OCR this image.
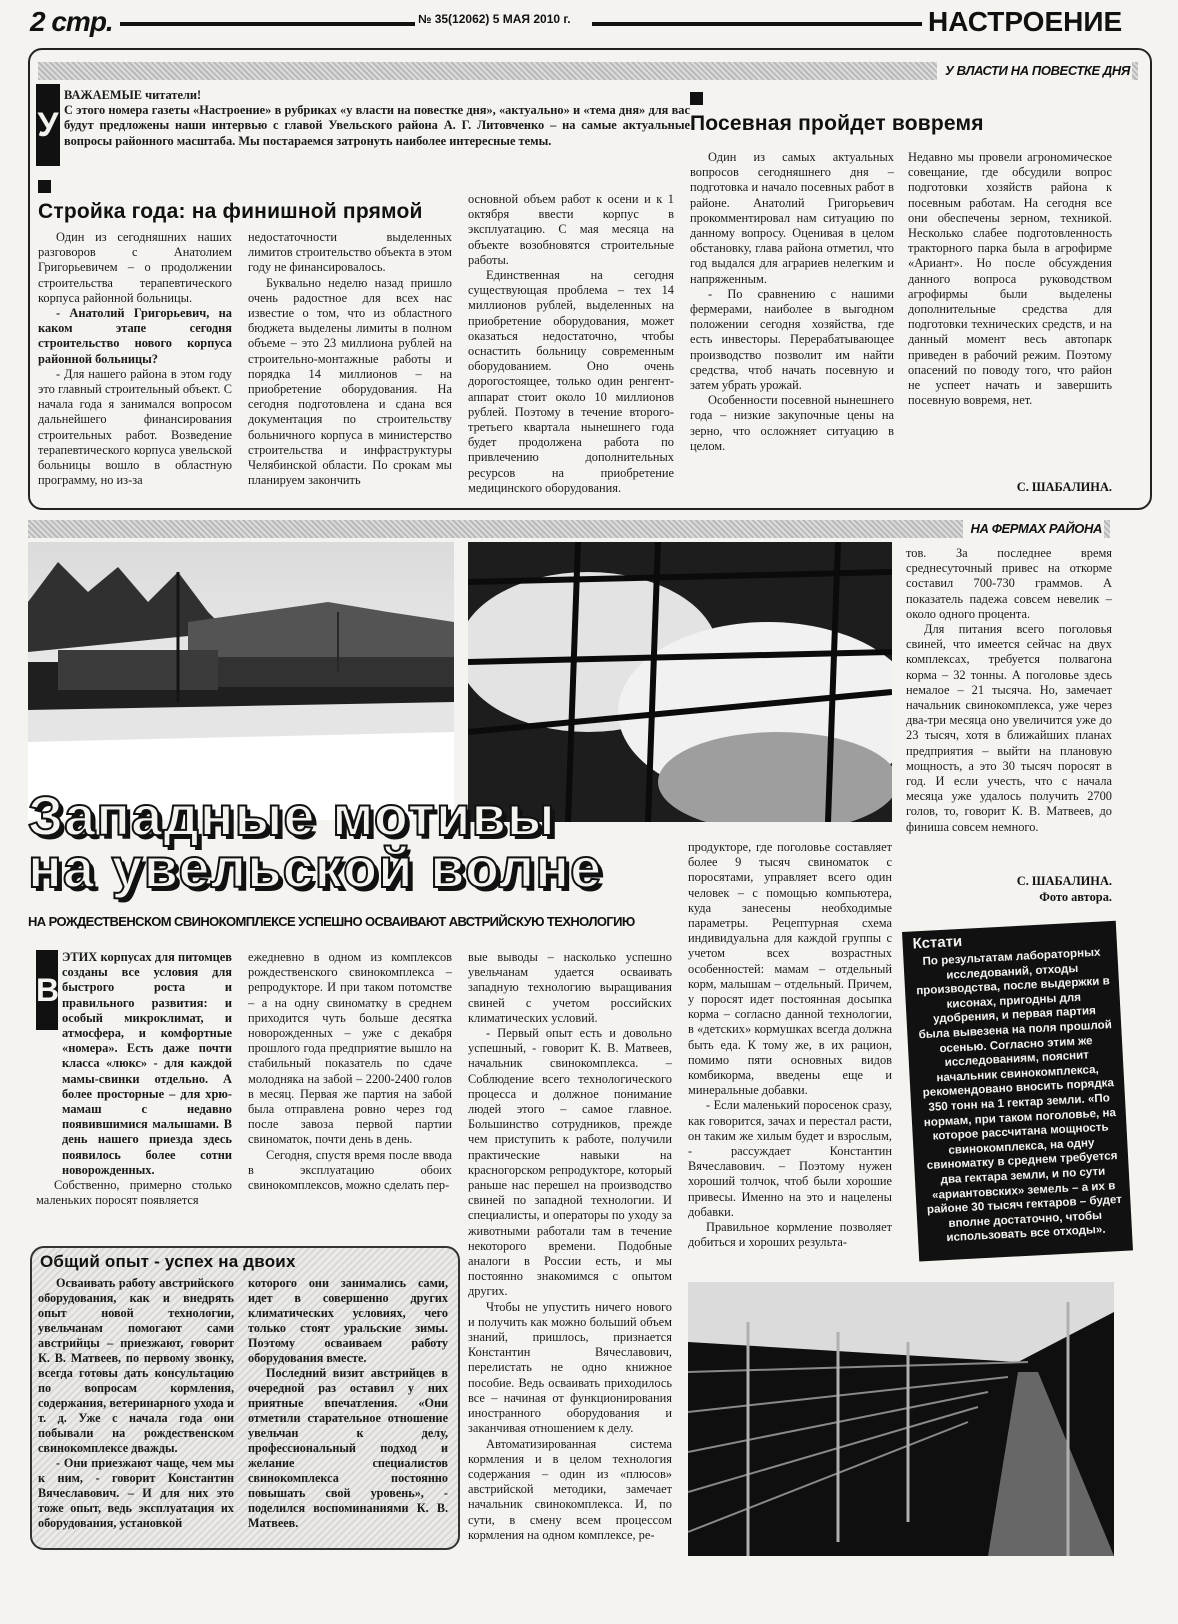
2 стр.	№ 35(12062) 5 МАЯ 2010 г.	НАСТРОЕНИЕ
У ВЛАСТИ НА ПОВЕСТКЕ ДНЯ
У

ВАЖАЕМЫЕ читатели!

С этого номера газеты «Настроение» в рубриках «у власти на повестке дня», «актуально» и «тема дня» для вас будут предложены наши интервью с главой Увельского района А. Г. Литовченко – на самые актуальные вопросы районного масштаба. Мы постараемся затронуть наиболее интересные темы.

Стройка года: на финишной прямой

Один из сегодняшних наших разговоров с Анатолием Григорьевичем – о продолжении строительства терапевтического корпуса районной больницы.

- Анатолий Григорьевич, на каком этапе сегодня строительство нового корпуса районной больницы?

- Для нашего района в этом году это главный строительный объект. С начала года я занимался вопросом дальнейшего финансирования строительных работ. Возведение терапевтического корпуса увельской больницы вошло в областную программу, но из-за

недостаточности выделенных лимитов строительство объекта в этом году не финансировалось.

Буквально неделю назад пришло очень радостное для всех нас известие о том, что из областного бюджета выделены лимиты в полном объеме – это 23 миллиона рублей на строительно-монтажные работы и порядка 14 миллионов – на приобретение оборудования. На сегодня подготовлена и сдана вся документация по строительству больничного корпуса в министерство строительства и инфраструктуры Челябинской области. По срокам мы планируем закончить

основной объем работ к осени и к 1 октября ввести корпус в эксплуатацию. С мая месяца на объекте возобновятся строительные работы.

Единственная на сегодня существующая проблема – тех 14 миллионов рублей, выделенных на приобретение оборудования, может оказаться недостаточно, чтобы оснастить больницу современным оборудованием. Оно очень дорогостоящее, только один ренгент-аппарат стоит около 10 миллионов рублей. Поэтому в течение второго-третьего квартала нынешнего года будет продолжена работа по привлечению дополнительных ресурсов на приобретение медицинского оборудования.

Посевная пройдет вовремя

Один из самых актуальных вопросов сегодняшнего дня – подготовка и начало посевных работ в районе. Анатолий Григорьевич прокомментировал нам ситуацию по данному вопросу. Оценивая в целом обстановку, глава района отметил, что год выдался для аграриев нелегким и напряженным.

- По сравнению с нашими фермерами, наиболее в выгодном положении сегодня хозяйства, где есть инвесторы. Перерабатывающее производство позволит им найти средства, чтоб начать посевную и затем убрать урожай.

Особенности посевной нынешнего года – низкие закупочные цены на зерно, что осложняет ситуацию в целом.

Недавно мы провели агрономическое совещание, где обсудили вопрос подготовки хозяйств района к посевным работам. На сегодня все они обеспечены зерном, техникой. Несколько слабее подготовленность тракторного парка была в агрофирме «Ариант». Но после обсуждения данного вопроса руководством агрофирмы были выделены дополнительные средства для подготовки технических средств, и на данный момент весь автопарк приведен в рабочий режим. Поэтому опасений по поводу того, что район не успеет начать и завершить посевную вовремя, нет.

С. ШАБАЛИНА.
НА ФЕРМАХ РАЙОНА
Западные мотивы
на увельской волне
НА РОЖДЕСТВЕНСКОМ СВИНОКОМПЛЕКСЕ УСПЕШНО ОСВАИВАЮТ АВСТРИЙСКУЮ ТЕХНОЛОГИЮ
В

ЭТИХ корпусах для питомцев созданы все условия для быстрого роста и правильного развития: и особый микроклимат, и атмосфера, и комфортные «номера». Есть даже почти класса «люкс» - для каждой мамы-свинки отдельно. А более просторные – для хрю-мамаш с недавно появившимися малышами. В день нашего приезда здесь появилось более сотни новорожденных.

Собственно, примерно столько маленьких поросят появляется

ежедневно в одном из комплексов рождественского свинокомплекса – репродукторе. И при таком потомстве – а на одну свиноматку в среднем приходится чуть больше десятка новорожденных – уже с декабря прошлого года предприятие вышло на стабильный показатель по сдаче молодняка на забой – 2200-2400 голов в месяц. Первая же партия на забой была отправлена ровно через год после завоза первой партии свиноматок, почти день в день.

Сегодня, спустя время после ввода в эксплуатацию обоих свинокомплексов, можно сделать пер-

вые выводы – насколько успешно увельчанам удается осваивать западную технологию выращивания свиней с учетом российских климатических условий.

- Первый опыт есть и довольно успешный, - говорит К. В. Матвеев, начальник свинокомплекса. – Соблюдение всего технологического процесса и должное понимание людей этого – самое главное. Большинство сотрудников, прежде чем приступить к работе, получили практические навыки на красногорском репродукторе, который раньше нас перешел на производство свиней по западной технологии. И специалисты, и операторы по уходу за животными работали там в течение некоторого времени. Подобные аналоги в России есть, и мы постоянно знакомимся с опытом других.

Чтобы не упустить ничего нового и получить как можно больший объем знаний, пришлось, признается Константин Вячеславович, перелистать не одно книжное пособие. Ведь осваивать приходилось все – начиная от функционирования иностранного оборудования и заканчивая отношением к делу.

Автоматизированная система кормления и в целом технология содержания – один из «плюсов» австрийской методики, замечает начальник свинокомплекса. И, по сути, в смену всем процессом кормления на одном комплексе, ре-

продукторе, где поголовье составляет более 9 тысяч свиноматок с поросятами, управляет всего один человек – с помощью компьютера, куда занесены необходимые параметры. Рецептурная схема индивидуальна для каждой группы с учетом всех возрастных особенностей: мамам – отдельный корм, малышам – отдельный. Причем, у поросят идет постоянная досыпка корма – согласно данной технологии, в «детских» кормушках всегда должна быть еда. К тому же, в их рацион, помимо пяти основных видов комбикорма, введены еще и минеральные добавки.

- Если маленький поросенок сразу, как говорится, зачах и перестал расти, он таким же хилым будет и взрослым, - рассуждает Константин Вячеславович. – Поэтому нужен хороший толчок, чтоб были хорошие привесы. Именно на это и нацелены добавки.

Правильное кормление позволяет добиться и хороших результа-

тов. За последнее время среднесуточный привес на откорме составил 700-730 граммов. А показатель падежа совсем невелик – около одного процента.

Для питания всего поголовья свиней, что имеется сейчас на двух комплексах, требуется полвагона корма – 32 тонны. А поголовье здесь немалое – 21 тысяча. Но, замечает начальник свинокомплекса, уже через два-три месяца оно увеличится уже до 23 тысяч, хотя в ближайших планах предприятия – выйти на плановую мощность, а это 30 тысяч поросят в год. И если учесть, что с начала месяца уже удалось получить 2700 голов, то, говорит К. В. Матвеев, до финиша совсем немного.

С. ШАБАЛИНА.
Фото автора.
Общий опыт - успех на двоих

Осваивать работу австрийского оборудования, как и внедрять опыт новой технологии, увельчанам помогают сами австрийцы – приезжают, говорит К. В. Матвеев, по первому звонку, всегда готовы дать консультацию по вопросам кормления, содержания, ветеринарного ухода и т. д. Уже с начала года они побывали на рождественском свинокомплексе дважды.

- Они приезжают чаще, чем мы к ним, - говорит Константин Вячеславович. – И для них это тоже опыт, ведь эксплуатация их оборудования, установкой

которого они занимались сами, идет в совершенно других климатических условиях, чего только стоят уральские зимы. Поэтому осваиваем работу оборудования вместе.

Последний визит австрийцев в очередной раз оставил у них приятные впечатления. «Они отметили старательное отношение увельчан к делу, профессиональный подход и желание специалистов свинокомплекса постоянно повышать свой уровень», - поделился воспоминаниями К. В. Матвеев.

Кстати
По результатам лабораторных исследований, отходы производства, после выдержки в кисонах, пригодны для удобрения, и первая партия была вывезена на поля прошлой осенью. Согласно этим же исследованиям, пояснит начальник свинокомплекса, рекомендовано вносить порядка 350 тонн на 1 гектар земли. «По нормам, при таком поголовье, на которое рассчитана мощность свинокомплекса, на одну свиноматку в среднем требуется два гектара земли, и по сути «ариантовских» земель – а их в районе 30 тысяч гектаров – будет вполне достаточно, чтобы использовать все отходы».
